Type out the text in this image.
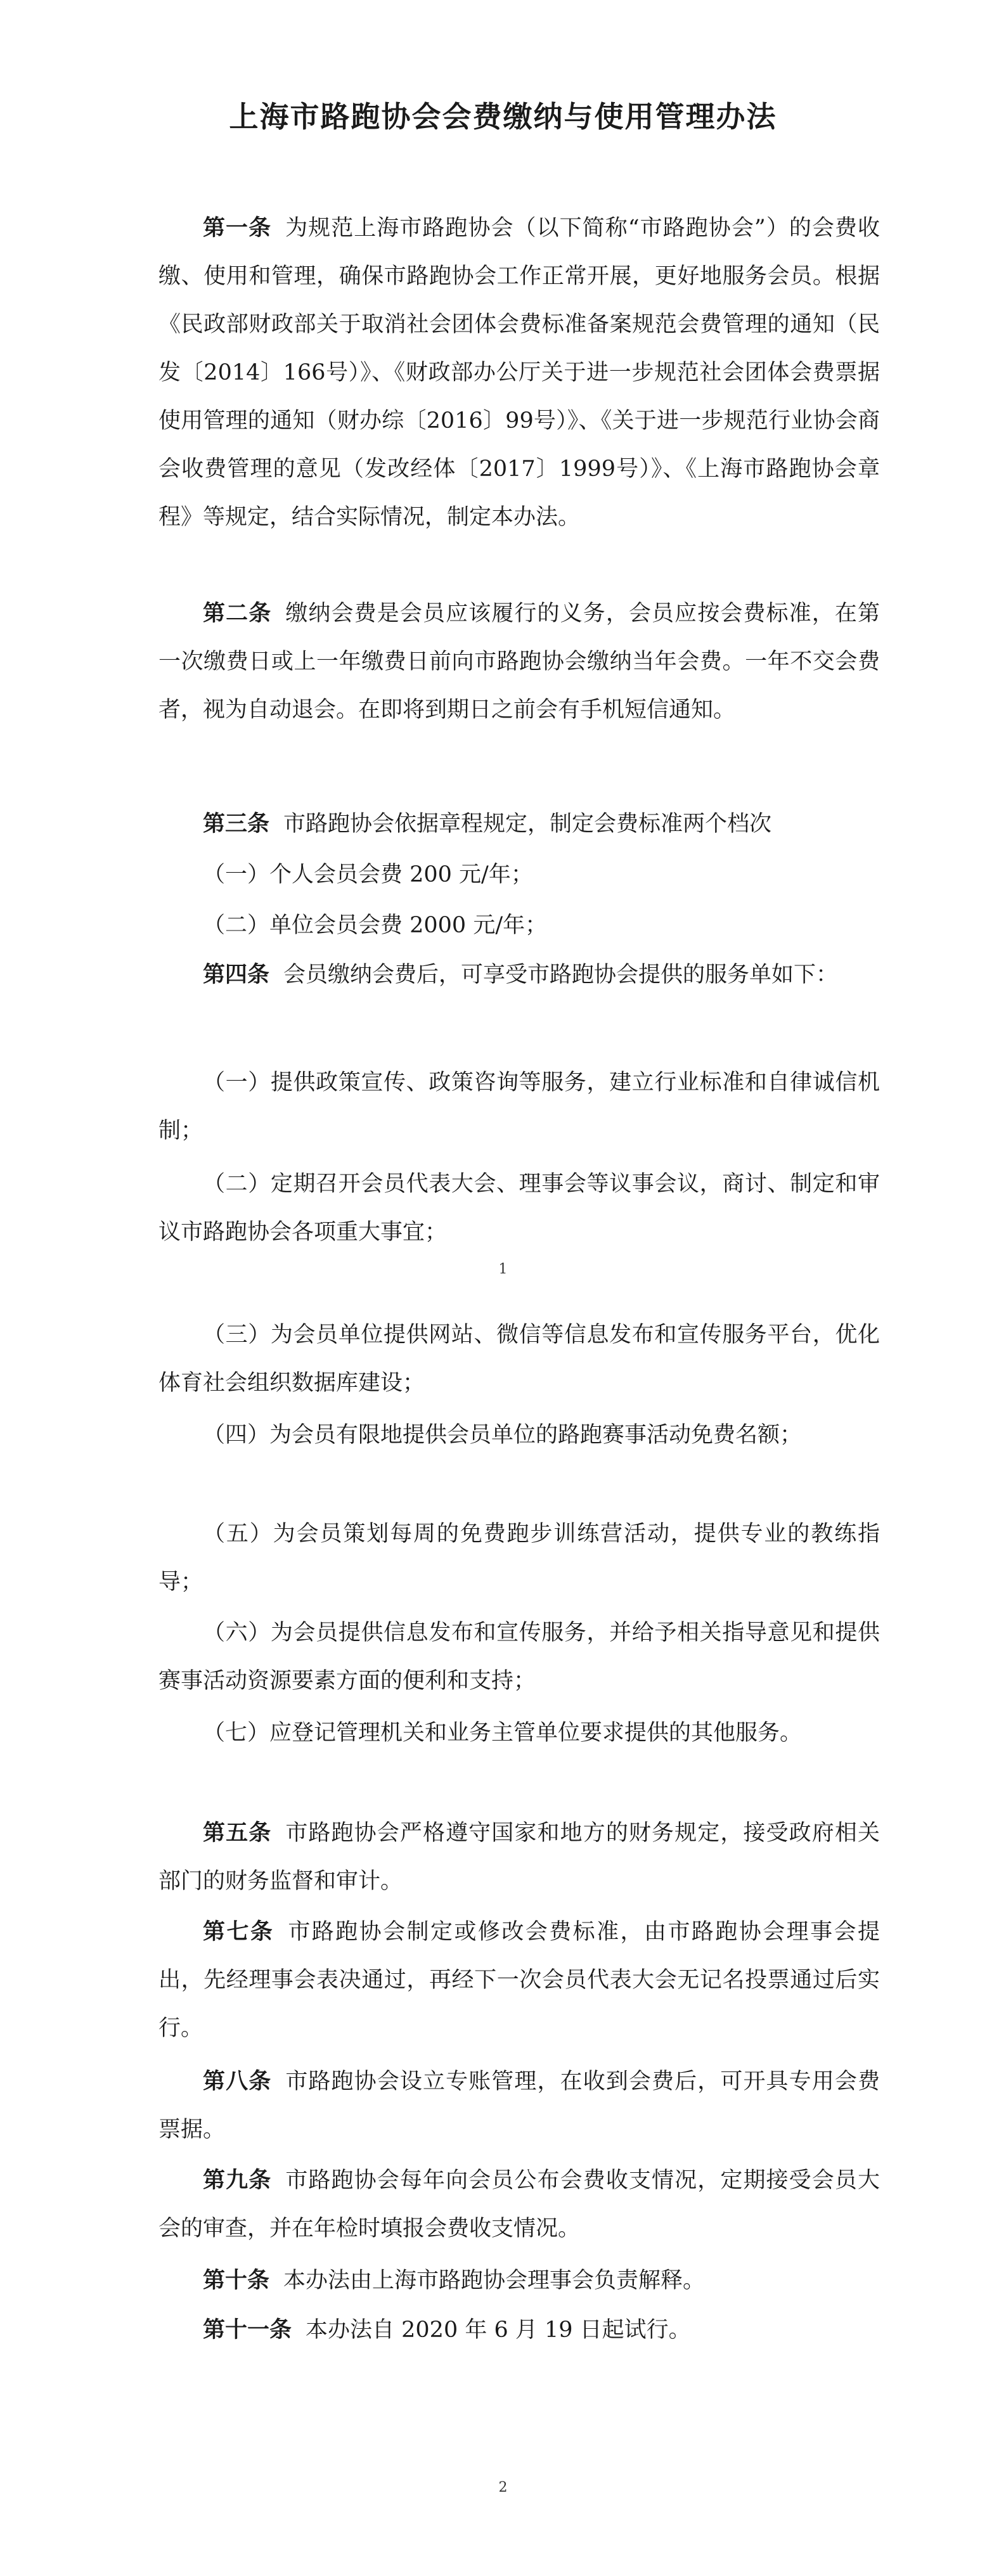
上海市路跑协会会费缴纳与使用管理办法
第一条 为规范上海市路跑协会（以下简称“市路跑协会”）的会费收缴、使用和管理，确保市路跑协会工作正常开展，更好地服务会员。根据《民政部财政部关于取消社会团体会费标准备案规范会费管理的通知（民发〔2014〕166号）》、《财政部办公厅关于进一步规范社会团体会费票据使用管理的通知（财办综〔2016〕99号）》、《关于进一步规范行业协会商会收费管理的意见（发改经体〔2017〕1999号）》、《上海市路跑协会章程》等规定，结合实际情况，制定本办法。
第二条 缴纳会费是会员应该履行的义务，会员应按会费标准，在第一次缴费日或上一年缴费日前向市路跑协会缴纳当年会费。一年不交会费者，视为自动退会。在即将到期日之前会有手机短信通知。
第三条 市路跑协会依据章程规定，制定会费标准两个档次
（一）个人会员会费 200 元/年；
（二）单位会员会费 2000 元/年；
第四条 会员缴纳会费后，可享受市路跑协会提供的服务单如下：
（一）提供政策宣传、政策咨询等服务，建立行业标准和自律诚信机制；
（二）定期召开会员代表大会、理事会等议事会议，商讨、制定和审议市路跑协会各项重大事宜；
1
（三）为会员单位提供网站、微信等信息发布和宣传服务平台，优化体育社会组织数据库建设；
（四）为会员有限地提供会员单位的路跑赛事活动免费名额；
（五）为会员策划每周的免费跑步训练营活动，提供专业的教练指导；
（六）为会员提供信息发布和宣传服务，并给予相关指导意见和提供赛事活动资源要素方面的便利和支持；
（七）应登记管理机关和业务主管单位要求提供的其他服务。
第五条 市路跑协会严格遵守国家和地方的财务规定，接受政府相关部门的财务监督和审计。
第七条 市路跑协会制定或修改会费标准，由市路跑协会理事会提出，先经理事会表决通过，再经下一次会员代表大会无记名投票通过后实行。
第八条 市路跑协会设立专账管理，在收到会费后，可开具专用会费票据。
第九条 市路跑协会每年向会员公布会费收支情况，定期接受会员大会的审查，并在年检时填报会费收支情况。
第十条 本办法由上海市路跑协会理事会负责解释。
第十一条 本办法自 2020 年 6 月 19 日起试行。
2
